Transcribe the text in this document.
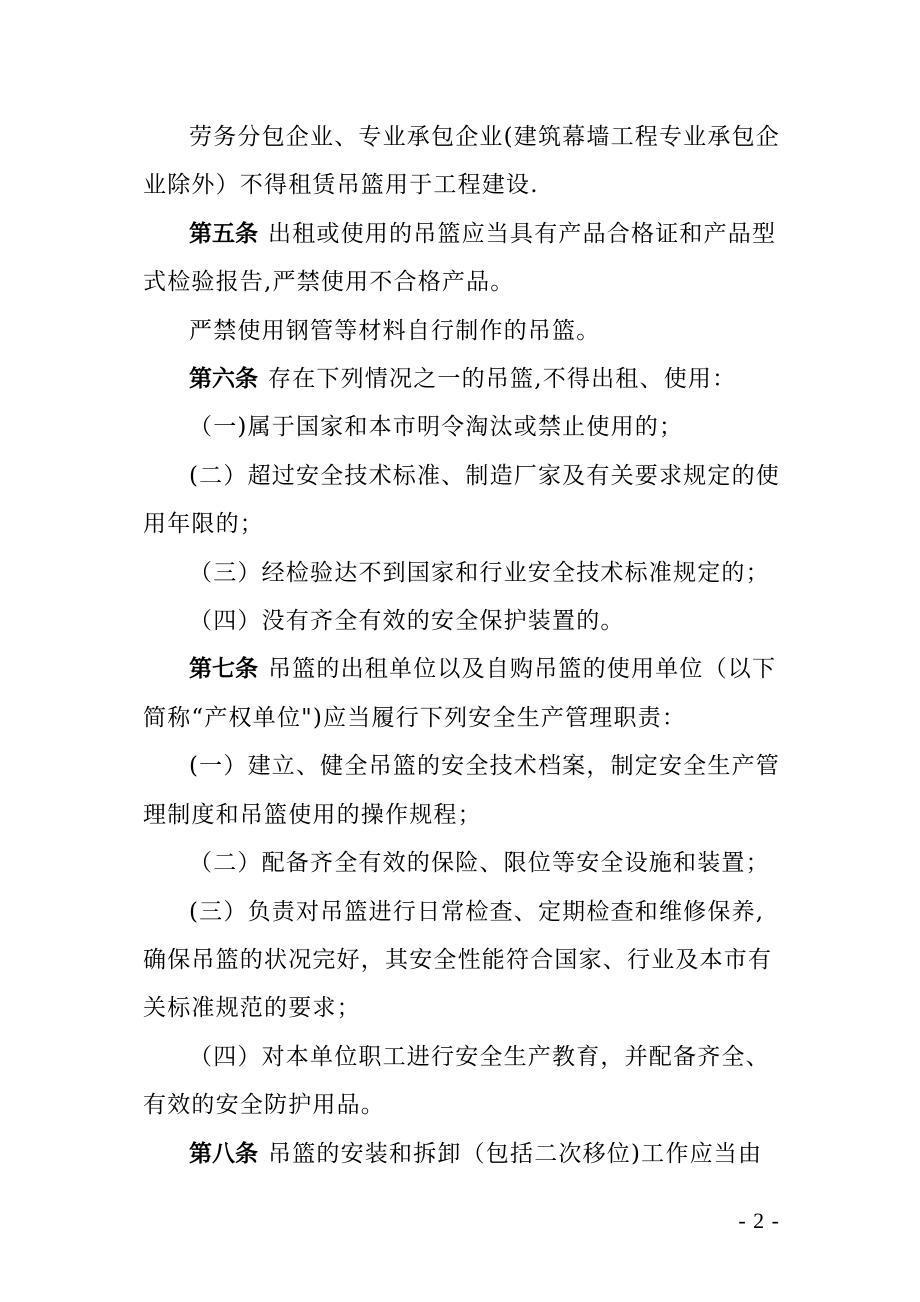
劳务分包企业、专业承包企业(建筑幕墙工程专业承包企业除外）不得租赁吊篮用于工程建设.

第五条 出租或使用的吊篮应当具有产品合格证和产品型式检验报告,严禁使用不合格产品。

严禁使用钢管等材料自行制作的吊篮。

第六条 存在下列情况之一的吊篮,不得出租、使用：

（一)属于国家和本市明令淘汰或禁止使用的；

(二）超过安全技术标准、制造厂家及有关要求规定的使用年限的；

（三）经检验达不到国家和行业安全技术标准规定的；

（四）没有齐全有效的安全保护装置的。

第七条 吊篮的出租单位以及自购吊篮的使用单位（以下简称“产权单位")应当履行下列安全生产管理职责：

(一）建立、健全吊篮的安全技术档案，制定安全生产管理制度和吊篮使用的操作规程；

（二）配备齐全有效的保险、限位等安全设施和装置；

(三）负责对吊篮进行日常检查、定期检查和维修保养,确保吊篮的状况完好，其安全性能符合国家、行业及本市有关标准规范的要求；

（四）对本单位职工进行安全生产教育，并配备齐全、有效的安全防护用品。

第八条 吊篮的安装和拆卸（包括二次移位)工作应当由

- 2 -
